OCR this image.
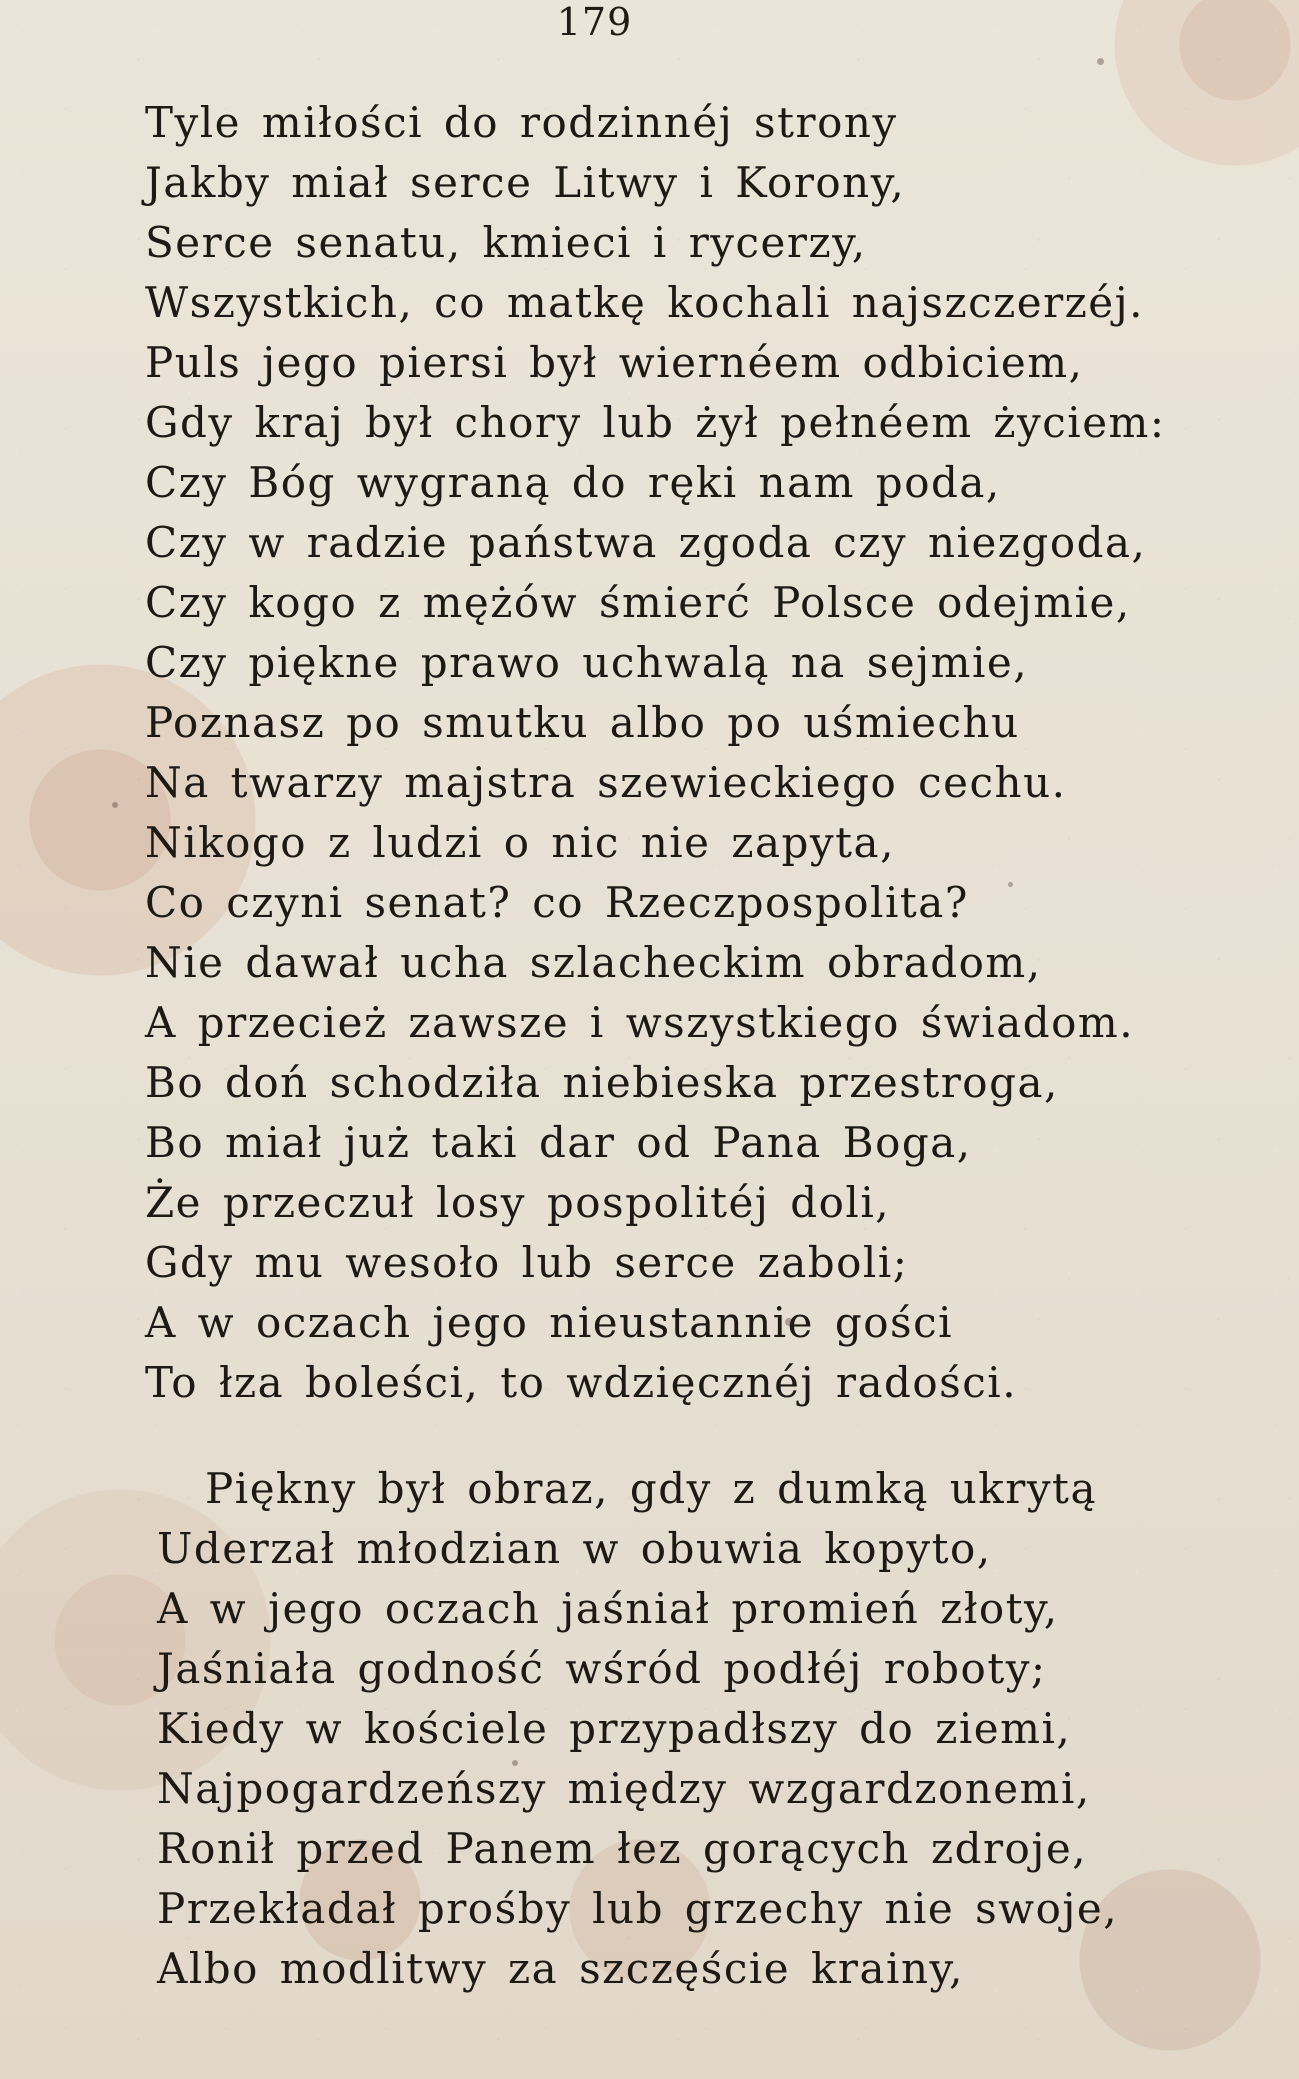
179
Tyle miłości do rodzinnéj strony
Jakby miał serce Litwy i Korony,
Serce senatu, kmieci i rycerzy,
Wszystkich, co matkę kochali najszczerzéj.
Puls jego piersi był wiernéem odbiciem,
Gdy kraj był chory lub żył pełnéem życiem:
Czy Bóg wygraną do ręki nam poda,
Czy w radzie państwa zgoda czy niezgoda,
Czy kogo z mężów śmierć Polsce odejmie,
Czy piękne prawo uchwalą na sejmie,
Poznasz po smutku albo po uśmiechu
Na twarzy majstra szewieckiego cechu.
Nikogo z ludzi o nic nie zapyta,
Co czyni senat? co Rzeczpospolita?
Nie dawał ucha szlacheckim obradom,
A przecież zawsze i wszystkiego świadom.
Bo doń schodziła niebieska przestroga,
Bo miał już taki dar od Pana Boga,
Że przeczuł losy pospolitéj doli,
Gdy mu wesoło lub serce zaboli;
A w oczach jego nieustannie gości
To łza boleści, to wdzięcznéj radości.
Piękny był obraz, gdy z dumką ukrytą
Uderzał młodzian w obuwia kopyto,
A w jego oczach jaśniał promień złoty,
Jaśniała godność wśród podłéj roboty;
Kiedy w kościele przypadłszy do ziemi,
Najpogardzeńszy między wzgardzonemi,
Ronił przed Panem łez gorących zdroje,
Przekładał prośby lub grzechy nie swoje,
Albo modlitwy za szczęście krainy,
